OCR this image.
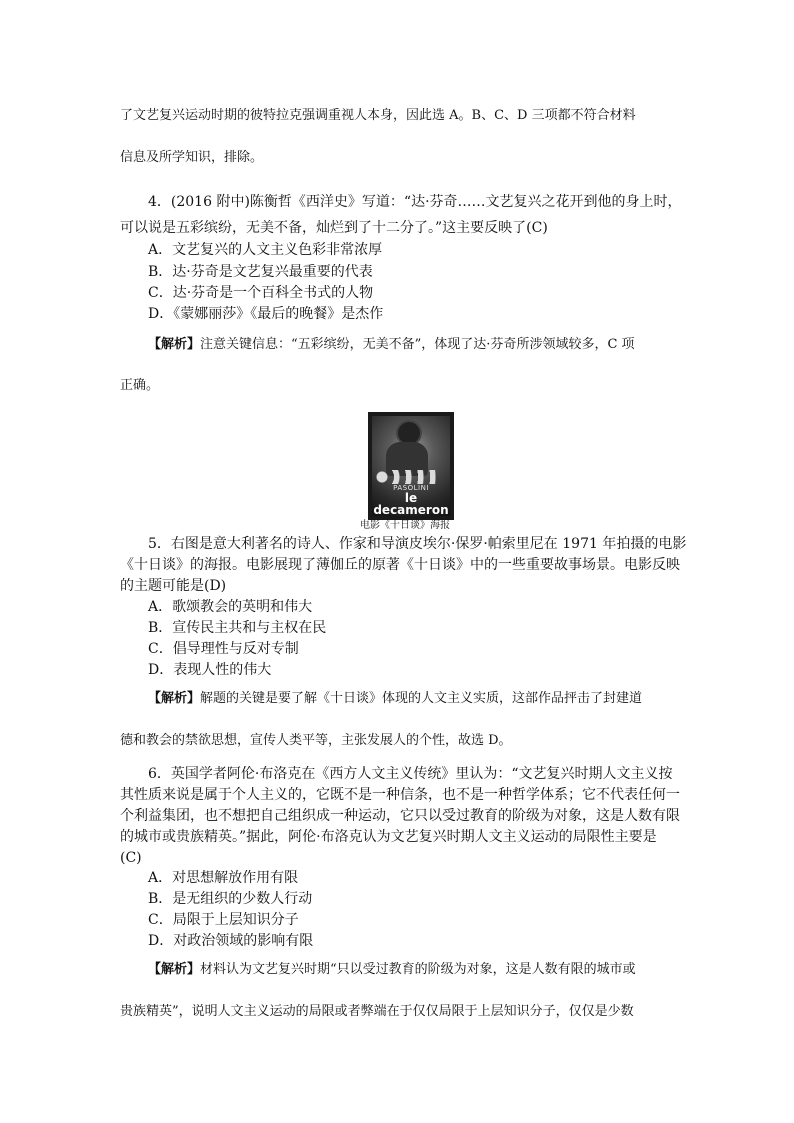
了文艺复兴运动时期的彼特拉克强调重视人本身，因此选 A。B、C、D 三项都不符合材料
信息及所学知识，排除。
4．(2016 附中)陈衡哲《西洋史》写道：“达·芬奇……文艺复兴之花开到他的身上时，
可以说是五彩缤纷，无美不备，灿烂到了十二分了。”这主要反映了(C)
A．文艺复兴的人文主义色彩非常浓厚
B．达·芬奇是文艺复兴最重要的代表
C．达·芬奇是一个百科全书式的人物
D．《蒙娜丽莎》《最后的晚餐》是杰作
【解析】注意关键信息：“五彩缤纷，无美不备”，体现了达·芬奇所涉领域较多，C 项
正确。
PASOLINI
le decameron
电影《十日谈》海报
5．右图是意大利著名的诗人、作家和导演皮埃尔·保罗·帕索里尼在 1971 年拍摄的电影
《十日谈》的海报。电影展现了薄伽丘的原著《十日谈》中的一些重要故事场景。电影反映
的主题可能是(D)
A．歌颂教会的英明和伟大
B．宣传民主共和与主权在民
C．倡导理性与反对专制
D．表现人性的伟大
【解析】解题的关键是要了解《十日谈》体现的人文主义实质，这部作品抨击了封建道
德和教会的禁欲思想，宣传人类平等，主张发展人的个性，故选 D。
6．英国学者阿伦·布洛克在《西方人文主义传统》里认为：“文艺复兴时期人文主义按
其性质来说是属于个人主义的，它既不是一种信条，也不是一种哲学体系；它不代表任何一
个利益集团，也不想把自己组织成一种运动，它只以受过教育的阶级为对象，这是人数有限
的城市或贵族精英。”据此，阿伦·布洛克认为文艺复兴时期人文主义运动的局限性主要是
(C)
A．对思想解放作用有限
B．是无组织的少数人行动
C．局限于上层知识分子
D．对政治领域的影响有限
【解析】材料认为文艺复兴时期“只以受过教育的阶级为对象，这是人数有限的城市或
贵族精英”，说明人文主义运动的局限或者弊端在于仅仅局限于上层知识分子，仅仅是少数
